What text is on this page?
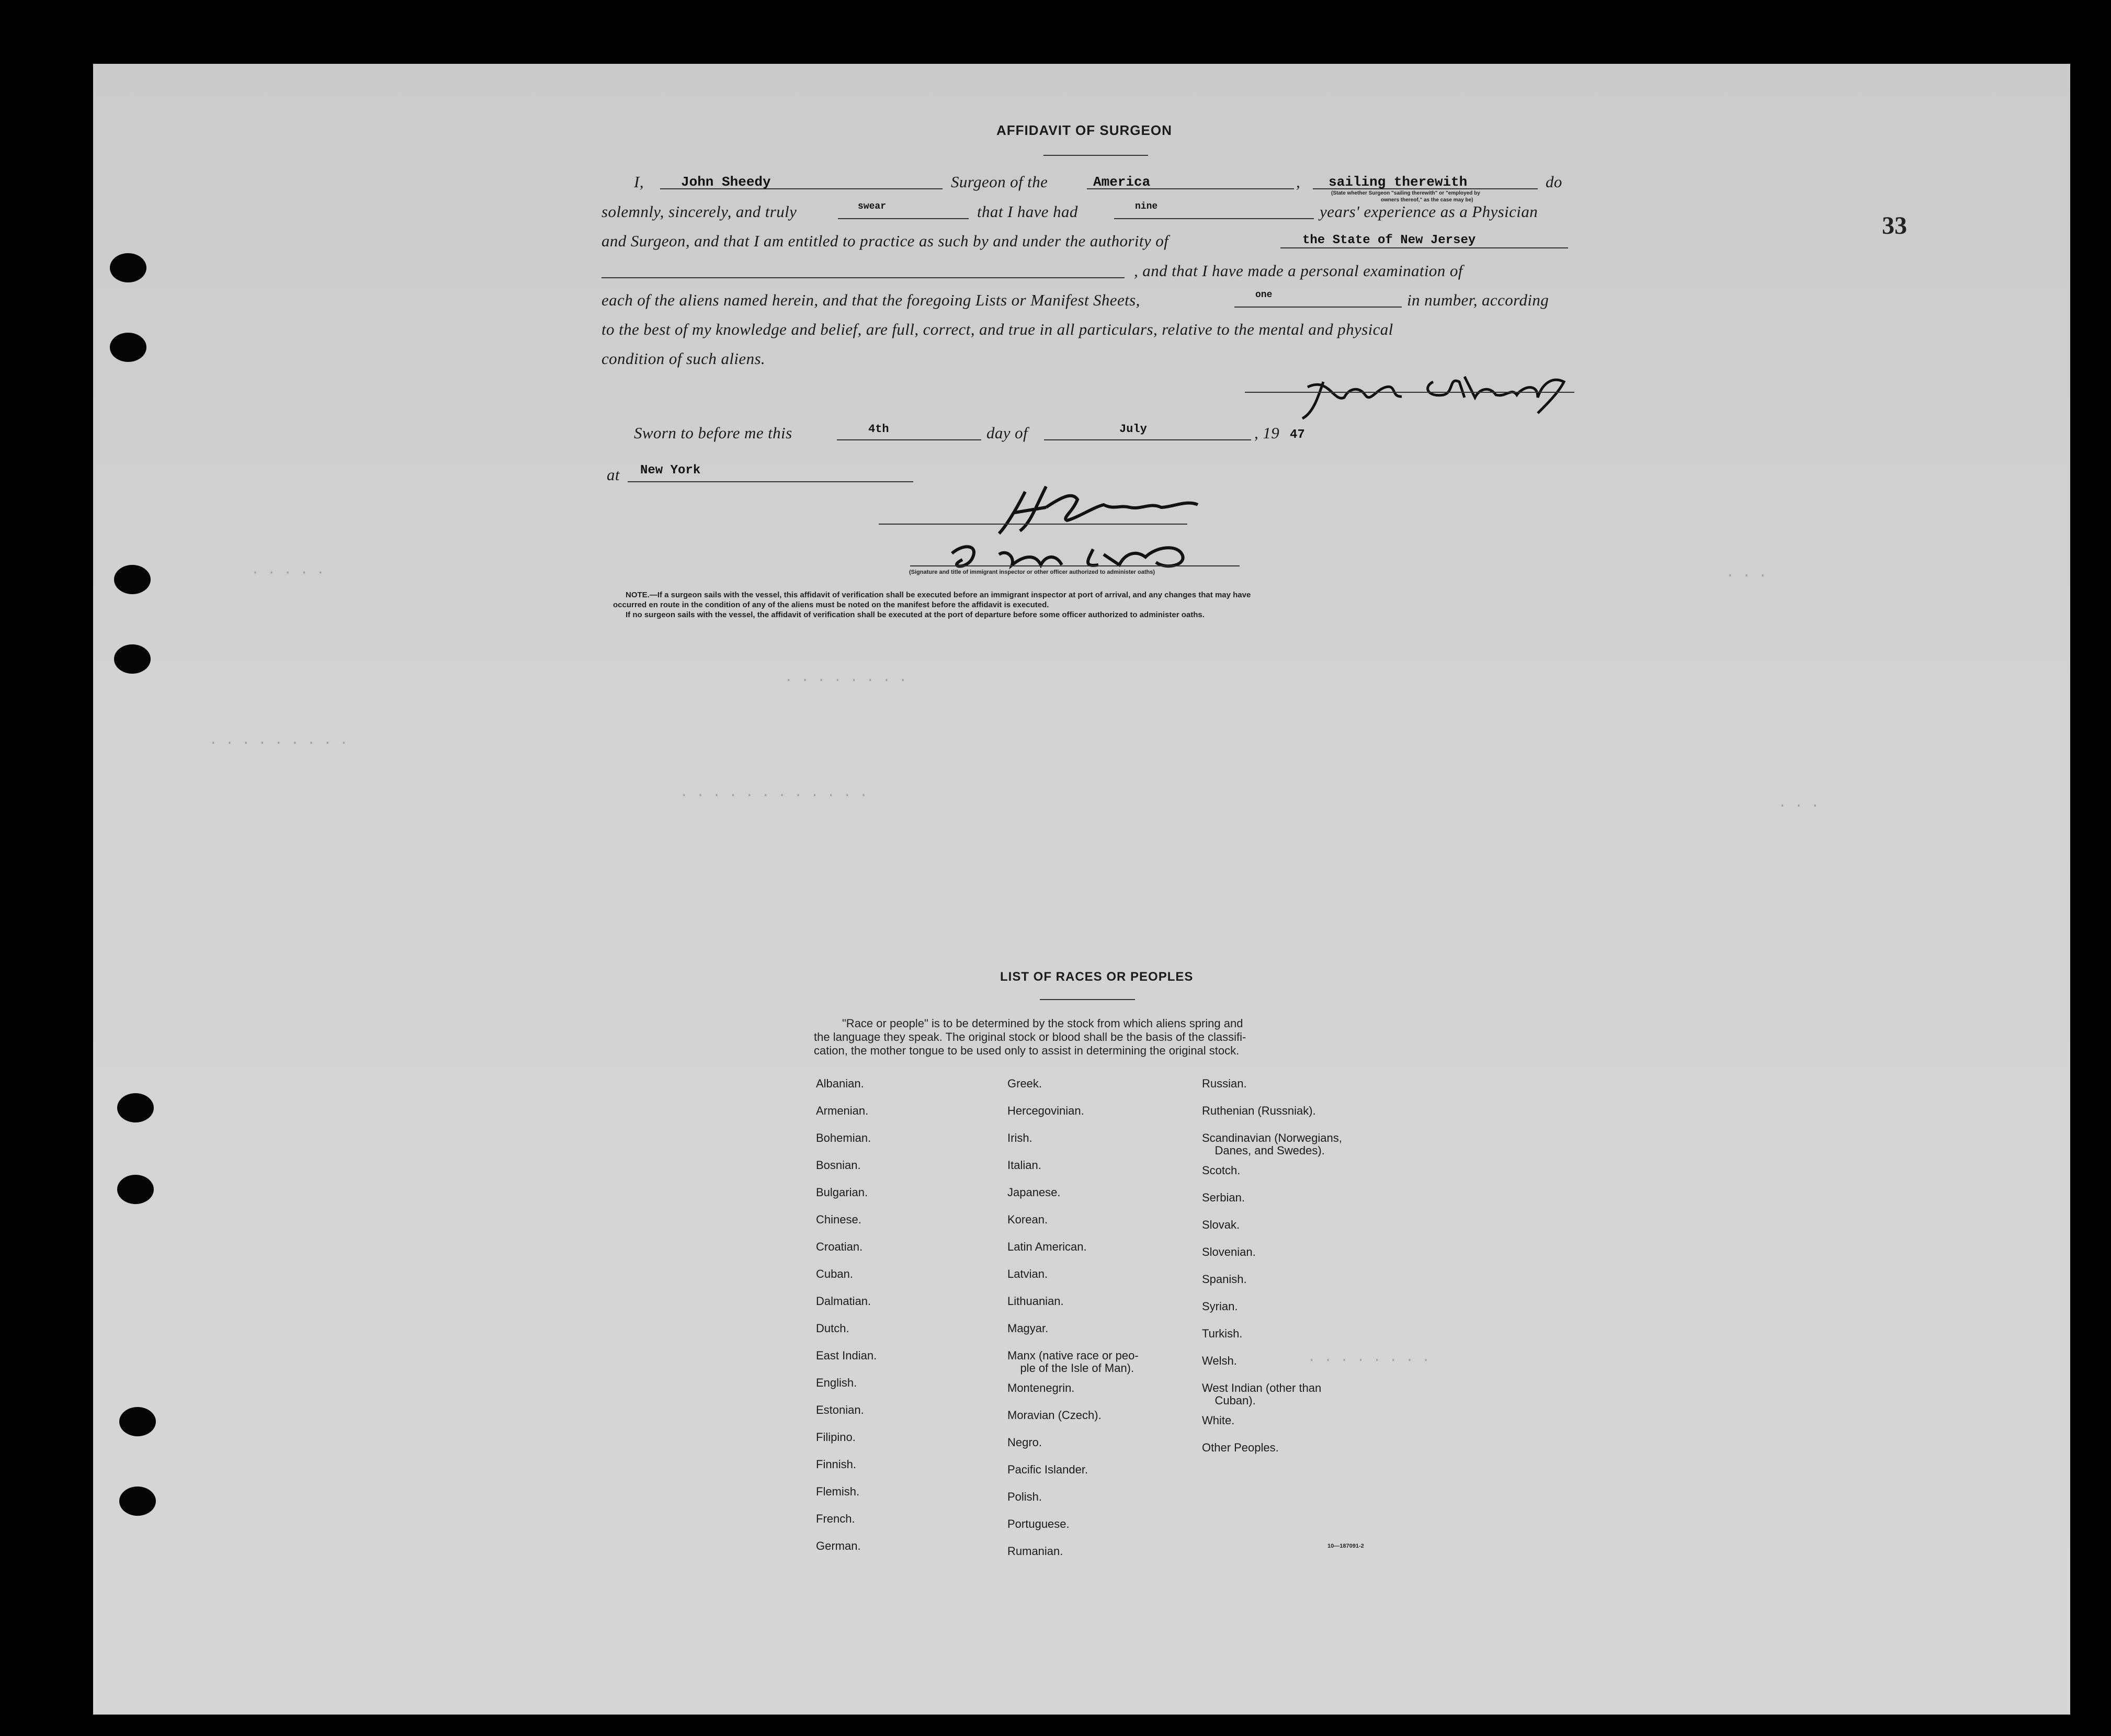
· · · · ·
. . . . . . . .
. . . . . . . . .
. . . . . . . . . . . .
. . .
. . .
. . . . . . . .
33
AFFIDAVIT OF SURGEON
I,	John Sheedy	Surgeon of the	America	, sailing therewith	do
(State whether Surgeon "sailing therewith" or "employed by
owners thereof," as the case may be)
solemnly, sincerely, and truly	swear	that I have had	nine	years' experience as a Physician
and Surgeon, and that I am entitled to practice as such by and under the authority of	the State of New Jersey
, and that I have made a personal examination of
each of the aliens named herein, and that the foregoing Lists or Manifest Sheets,	one	in number, according
to the best of my knowledge and belief, are full, correct, and true in all particulars, relative to the mental and physical
condition of such aliens.
Sworn to before me this	4th	day of	July	, 19 47
at New York
(Signature and title of immigrant inspector or other officer authorized to administer oaths)
NOTE.—If a surgeon sails with the vessel, this affidavit of verification shall be executed before an immigrant inspector at port of arrival, and any changes that may have
occurred en route in the condition of any of the aliens must be noted on the manifest before the affidavit is executed.
If no surgeon sails with the vessel, the affidavit of verification shall be executed at the port of departure before some officer authorized to administer oaths.
LIST OF RACES OR PEOPLES
"Race or people" is to be determined by the stock from which aliens spring and
the language they speak. The original stock or blood shall be the basis of the classifi-
cation, the mother tongue to be used only to assist in determining the original stock.
Albanian.
Armenian.
Bohemian.
Bosnian.
Bulgarian.
Chinese.
Croatian.
Cuban.
Dalmatian.
Dutch.
East Indian.
English.
Estonian.
Filipino.
Finnish.
Flemish.
French.
German.
Greek.
Hercegovinian.
Irish.
Italian.
Japanese.
Korean.
Latin American.
Latvian.
Lithuanian.
Magyar.
Manx (native race or peo-
ple of the Isle of Man).
Montenegrin.
Moravian (Czech).
Negro.
Pacific Islander.
Polish.
Portuguese.
Rumanian.
Russian.
Ruthenian (Russniak).
Scandinavian (Norwegians,
Danes, and Swedes).
Scotch.
Serbian.
Slovak.
Slovenian.
Spanish.
Syrian.
Turkish.
Welsh.
West Indian (other than
Cuban).
White.
Other Peoples.
10—187091-2
